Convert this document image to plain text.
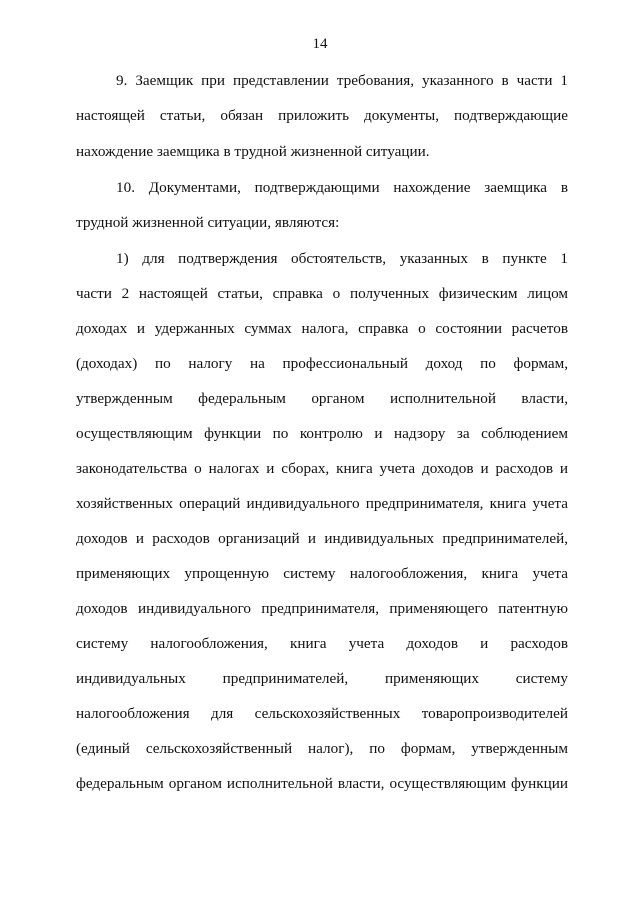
14
9. Заемщик при представлении требования, указанного в части 1
настоящей статьи, обязан приложить документы, подтверждающие
нахождение заемщика в трудной жизненной ситуации.
10. Документами, подтверждающими нахождение заемщика в
трудной жизненной ситуации, являются:
1) для подтверждения обстоятельств, указанных в пункте 1
части 2 настоящей статьи, справка о полученных физическим лицом
доходах и удержанных суммах налога, справка о состоянии расчетов
(доходах) по налогу на профессиональный доход по формам,
утвержденным федеральным органом исполнительной власти,
осуществляющим функции по контролю и надзору за соблюдением
законодательства о налогах и сборах, книга учета доходов и расходов и
хозяйственных операций индивидуального предпринимателя, книга учета
доходов и расходов организаций и индивидуальных предпринимателей,
применяющих упрощенную систему налогообложения, книга учета
доходов индивидуального предпринимателя, применяющего патентную
систему налогообложения, книга учета доходов и расходов
индивидуальных предпринимателей, применяющих систему
налогообложения для сельскохозяйственных товаропроизводителей
(единый сельскохозяйственный налог), по формам, утвержденным
федеральным органом исполнительной власти, осуществляющим функции
